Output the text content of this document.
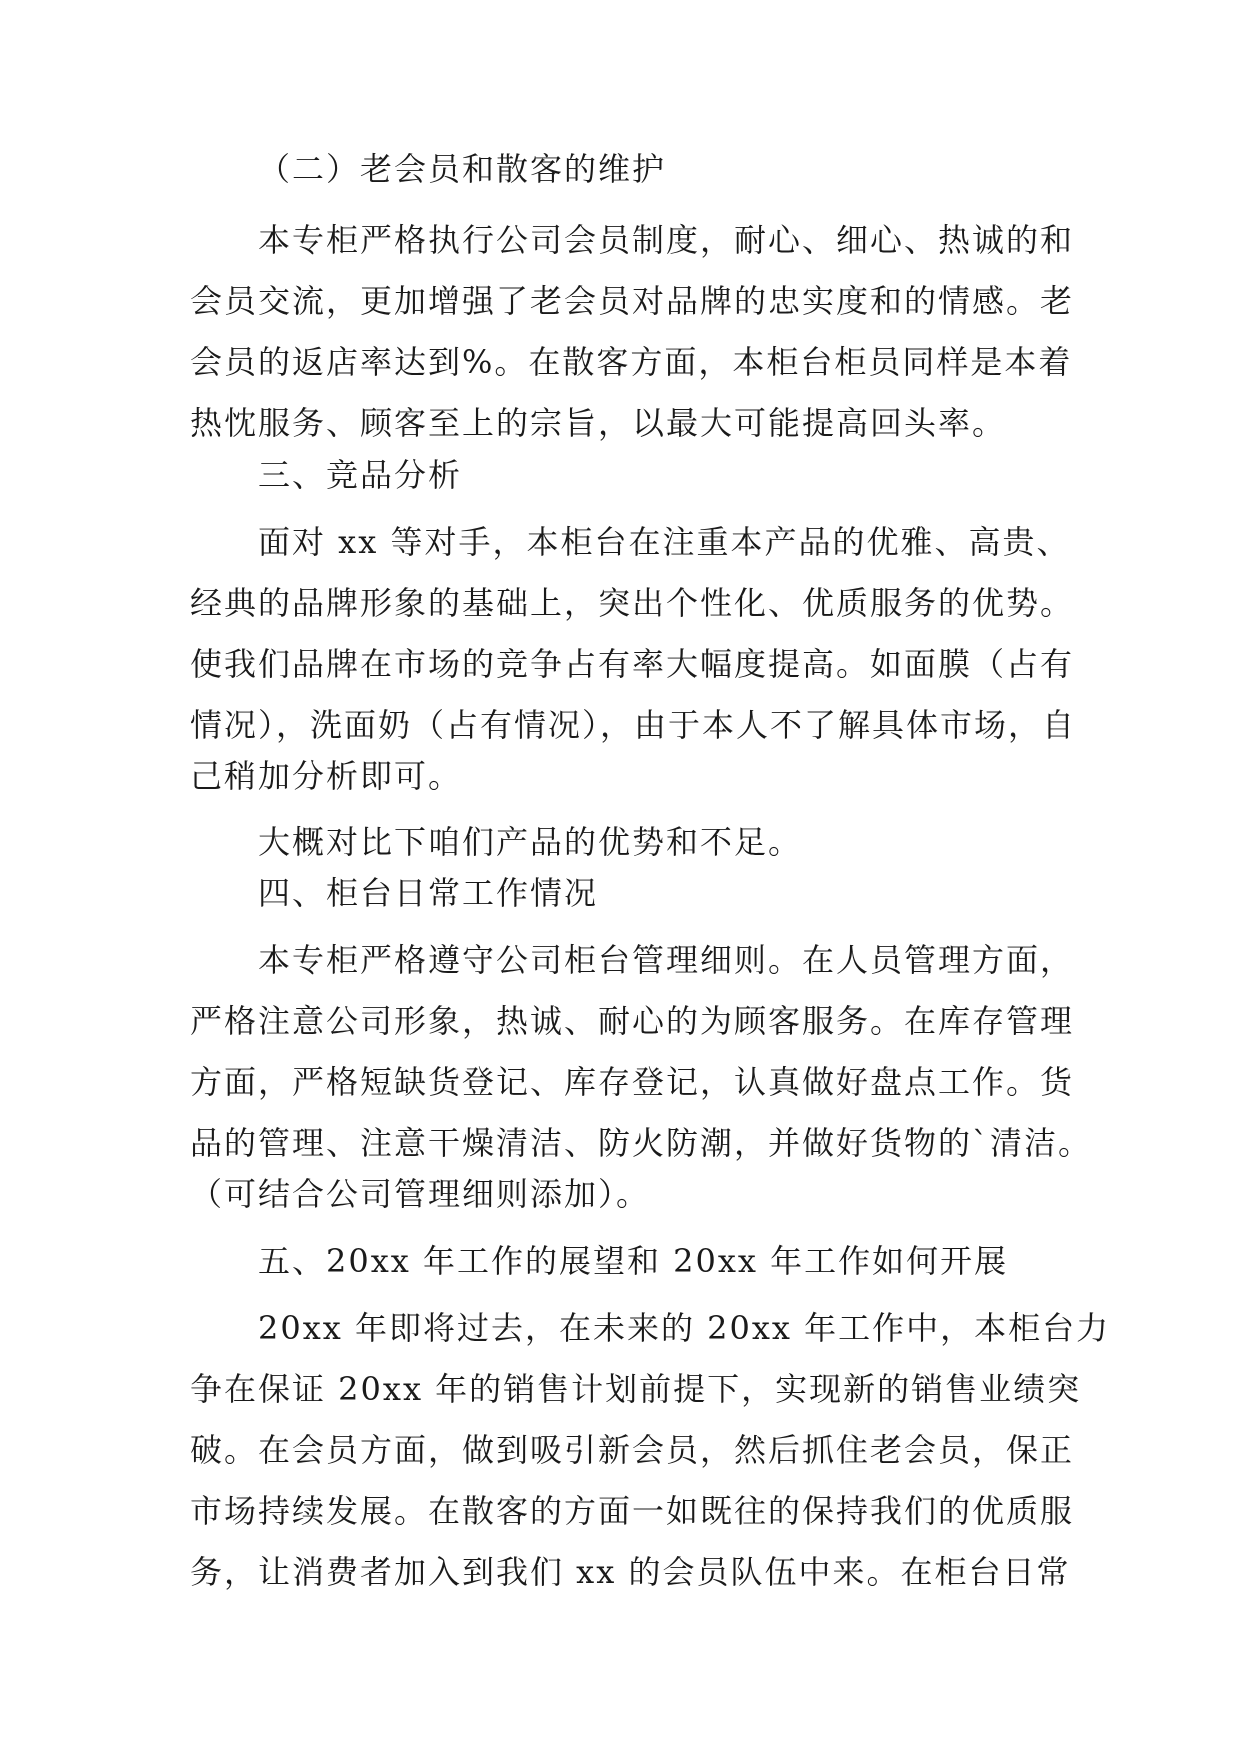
（二）老会员和散客的维护
本专柜严格执行公司会员制度，耐心、细心、热诚的和
会员交流，更加增强了老会员对品牌的忠实度和的情感。老
会员的返店率达到%。在散客方面，本柜台柜员同样是本着
热忱服务、顾客至上的宗旨，以最大可能提高回头率。
三、竞品分析
面对 xx 等对手，本柜台在注重本产品的优雅、高贵、
经典的品牌形象的基础上，突出个性化、优质服务的优势。
使我们品牌在市场的竞争占有率大幅度提高。如面膜（占有
情况），洗面奶（占有情况），由于本人不了解具体市场，自
己稍加分析即可。
大概对比下咱们产品的优势和不足。
四、柜台日常工作情况
本专柜严格遵守公司柜台管理细则。在人员管理方面，
严格注意公司形象，热诚、耐心的为顾客服务。在库存管理
方面，严格短缺货登记、库存登记，认真做好盘点工作。货
品的管理、注意干燥清洁、防火防潮，并做好货物的`清洁。
（可结合公司管理细则添加）。
五、20xx 年工作的展望和 20xx 年工作如何开展
20xx 年即将过去，在未来的 20xx 年工作中，本柜台力
争在保证 20xx 年的销售计划前提下，实现新的销售业绩突
破。在会员方面，做到吸引新会员，然后抓住老会员，保正
市场持续发展。在散客的方面一如既往的保持我们的优质服
务，让消费者加入到我们 xx 的会员队伍中来。在柜台日常
